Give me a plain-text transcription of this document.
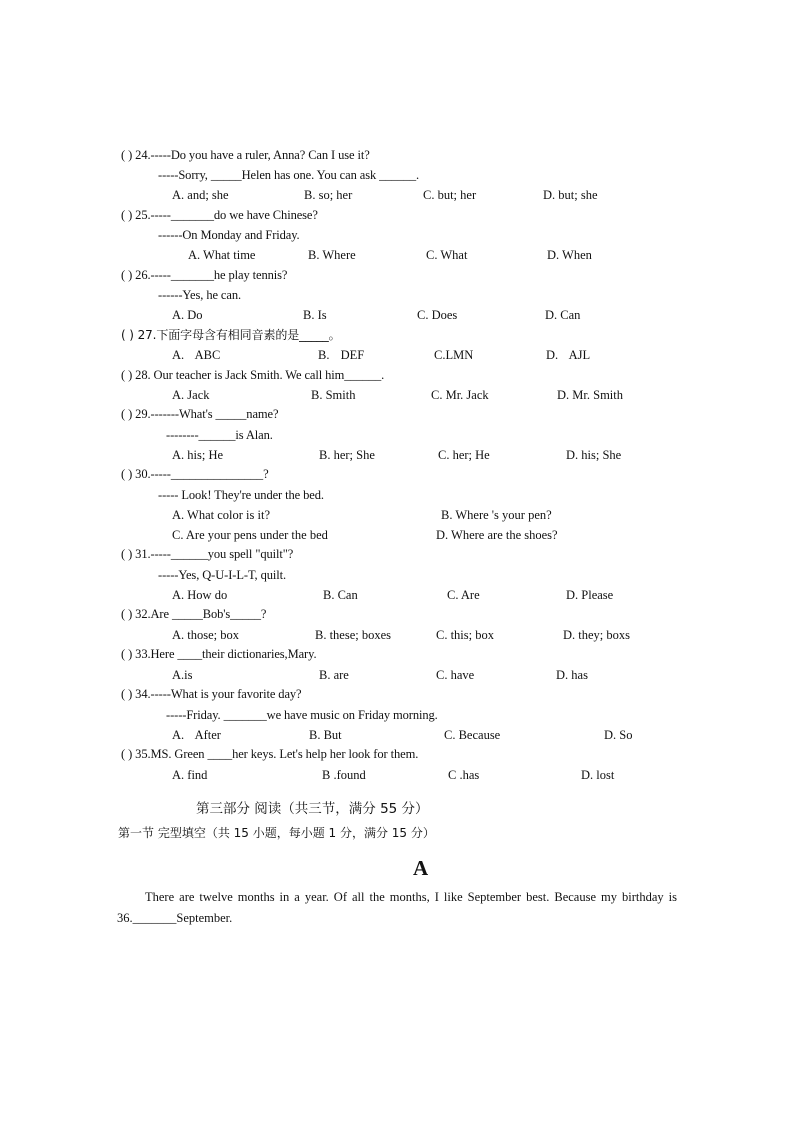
( ) 24.-----Do you have a ruler, Anna? Can I use it?
-----Sorry, _____Helen has one. You can ask ______.
A. and; she	B. so; her	C. but; her	D. but; she
( ) 25.-----_______do we have Chinese?
------On Monday and Friday.
A. What time	B. Where	C. What	D. When
( ) 26.-----_______he play tennis?
------Yes, he can.
A. Do	B. Is	C. Does	D. Can
( ) 27.下面字母含有相同音素的是_____。
A. ABC	B. DEF	C.LMN	D. AJL
( ) 28. Our teacher is Jack Smith. We call him______.
A. Jack	B. Smith	C. Mr. Jack	D. Mr. Smith
( ) 29.-------What's _____name?
--------______is Alan.
A. his; He	B. her; She	C. her; He	D. his; She
( ) 30.-----_______________?
----- Look! They're under the bed.
A. What color is it?	B. Where 's your pen?
C. Are your pens under the bed	D. Where are the shoes?
( ) 31.-----______you spell "quilt"?
-----Yes, Q-U-I-L-T, quilt.
A. How do	B. Can	C. Are	D. Please
( ) 32.Are _____Bob's_____?
A. those; box	B. these; boxes	C. this; box	D. they; boxs
( ) 33.Here ____their dictionaries,Mary.
A.is	B. are	C. have	D. has
( ) 34.-----What is your favorite day?
-----Friday. _______we have music on Friday morning.
A. After	B. But	C. Because	D. So
( ) 35.MS. Green ____her keys. Let's help her look for them.
A. find	B .found	C .has	D. lost
第三部分 阅读（共三节，满分 55 分）
第一节 完型填空（共 15 小题，每小题 1 分，满分 15 分）
A
There are twelve months in a year. Of all the months, I like September best. Because my birthday is 36._______September.
